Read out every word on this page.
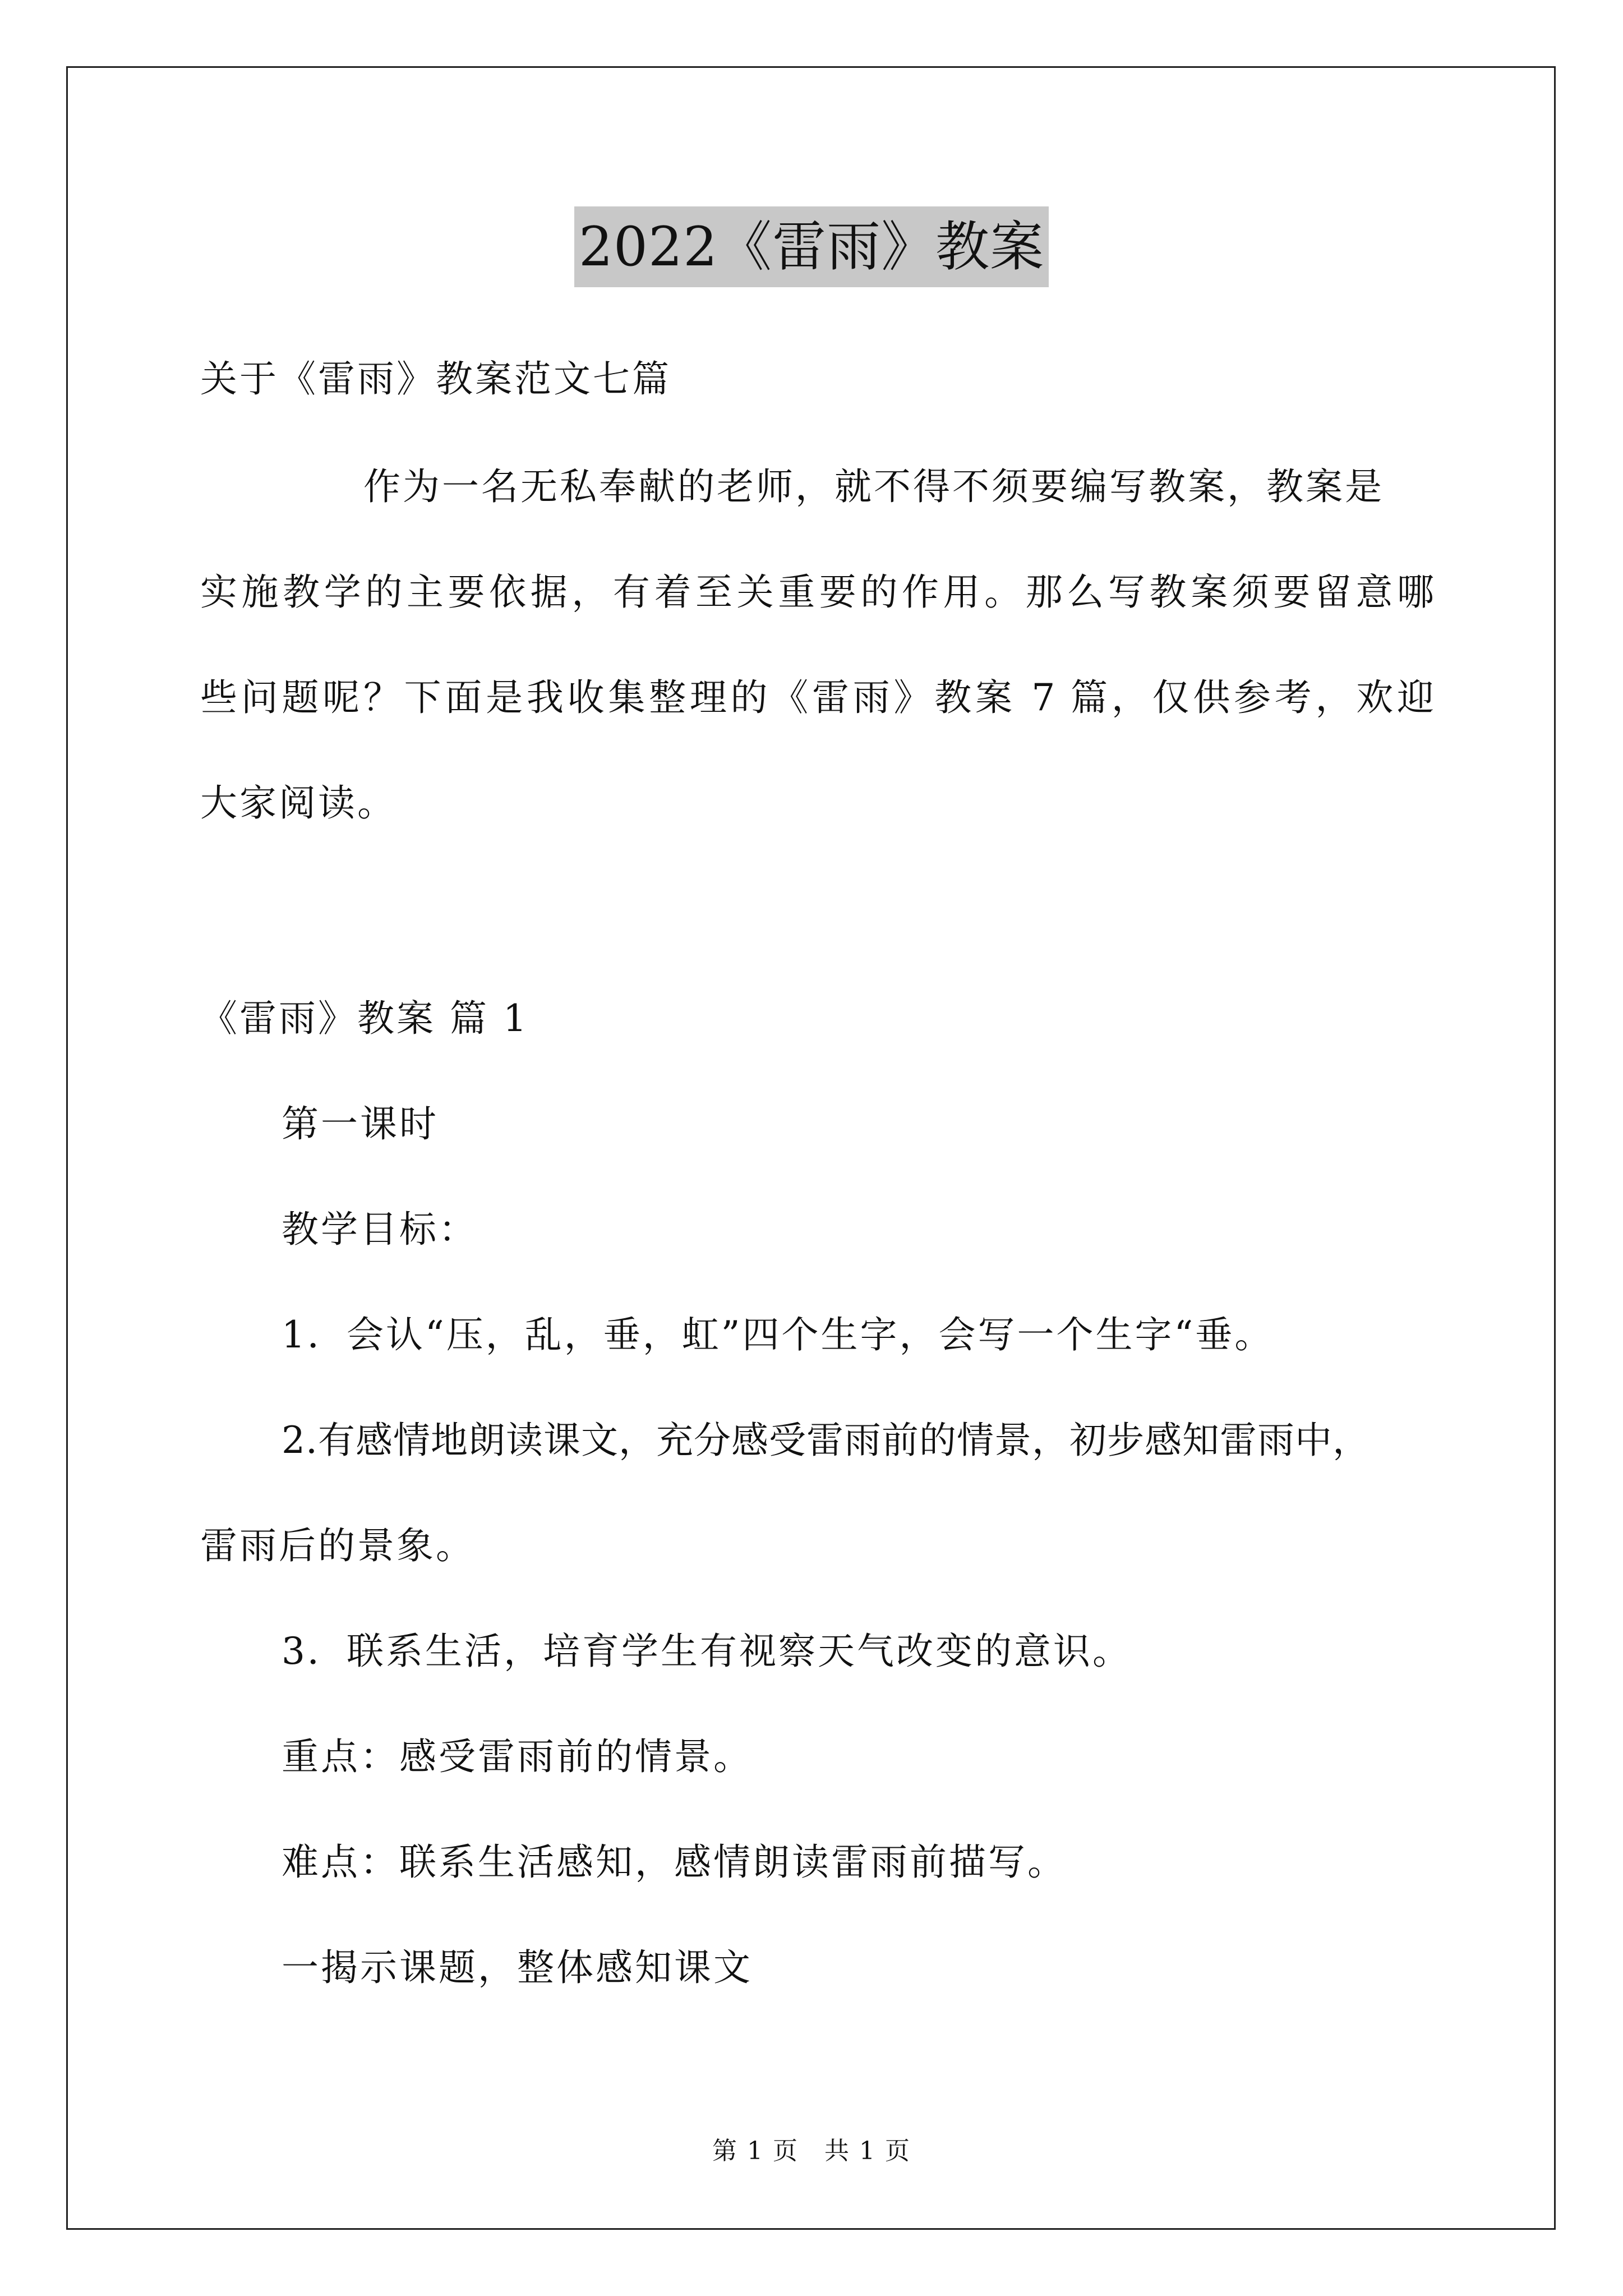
2022《雷雨》教案
关于《雷雨》教案范文七篇
作为一名无私奉献的老师，就不得不须要编写教案，教案是
实施教学的主要依据，有着至关重要的作用。那么写教案须要留意哪
些问题呢？下面是我收集整理的《雷雨》教案 7 篇，仅供参考，欢迎
大家阅读。
《雷雨》教案 篇 1
第一课时
教学目标：
1．会认“压，乱，垂，虹”四个生字，会写一个生字“垂。
2.有感情地朗读课文，充分感受雷雨前的情景，初步感知雷雨中，
雷雨后的景象。
3．联系生活，培育学生有视察天气改变的意识。
重点：感受雷雨前的情景。
难点：联系生活感知，感情朗读雷雨前描写。
一揭示课题，整体感知课文
第 1 页　共 1 页
